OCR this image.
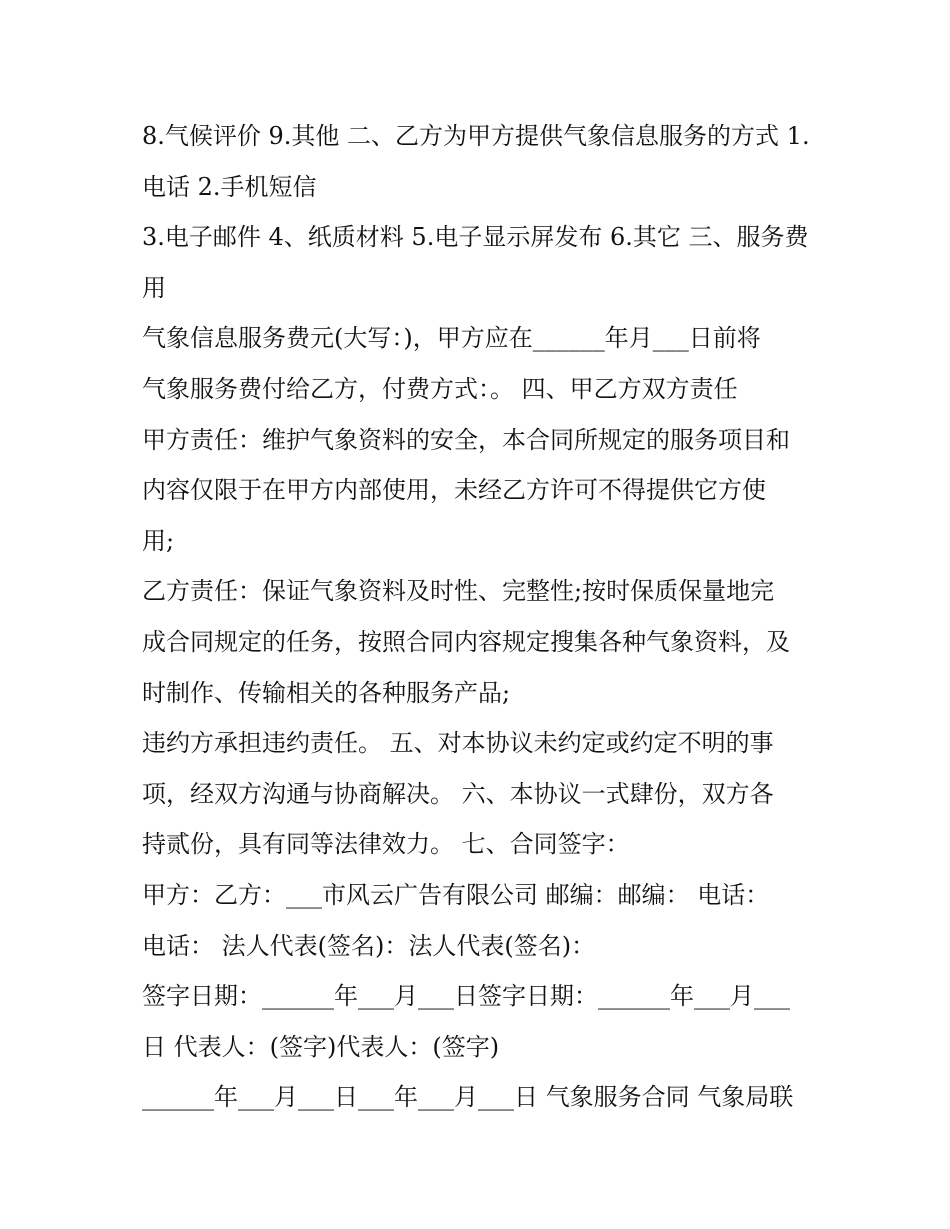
8.气候评价 9.其他 二、乙方为甲方提供气象信息服务的方式 1.
电话 2.手机短信
3.电子邮件 4、纸质材料 5.电子显示屏发布 6.其它 三、服务费
用
气象信息服务费元(大写：)，甲方应在______年月___日前将
气象服务费付给乙方，付费方式：。 四、甲乙方双方责任
甲方责任：维护气象资料的安全，本合同所规定的服务项目和
内容仅限于在甲方内部使用，未经乙方许可不得提供它方使
用;
乙方责任：保证气象资料及时性、完整性;按时保质保量地完
成合同规定的任务，按照合同内容规定搜集各种气象资料，及
时制作、传输相关的各种服务产品;
违约方承担违约责任。 五、对本协议未约定或约定不明的事
项，经双方沟通与协商解决。 六、本协议一式肆份，双方各
持贰份，具有同等法律效力。 七、合同签字：
甲方：乙方：___市风云广告有限公司 邮编：邮编： 电话：
电话： 法人代表(签名)：法人代表(签名)：
签字日期：______年___月___日签字日期：______年___月___
日 代表人：(签字)代表人：(签字)
______年___月___日___年___月___日 气象服务合同 气象局联
